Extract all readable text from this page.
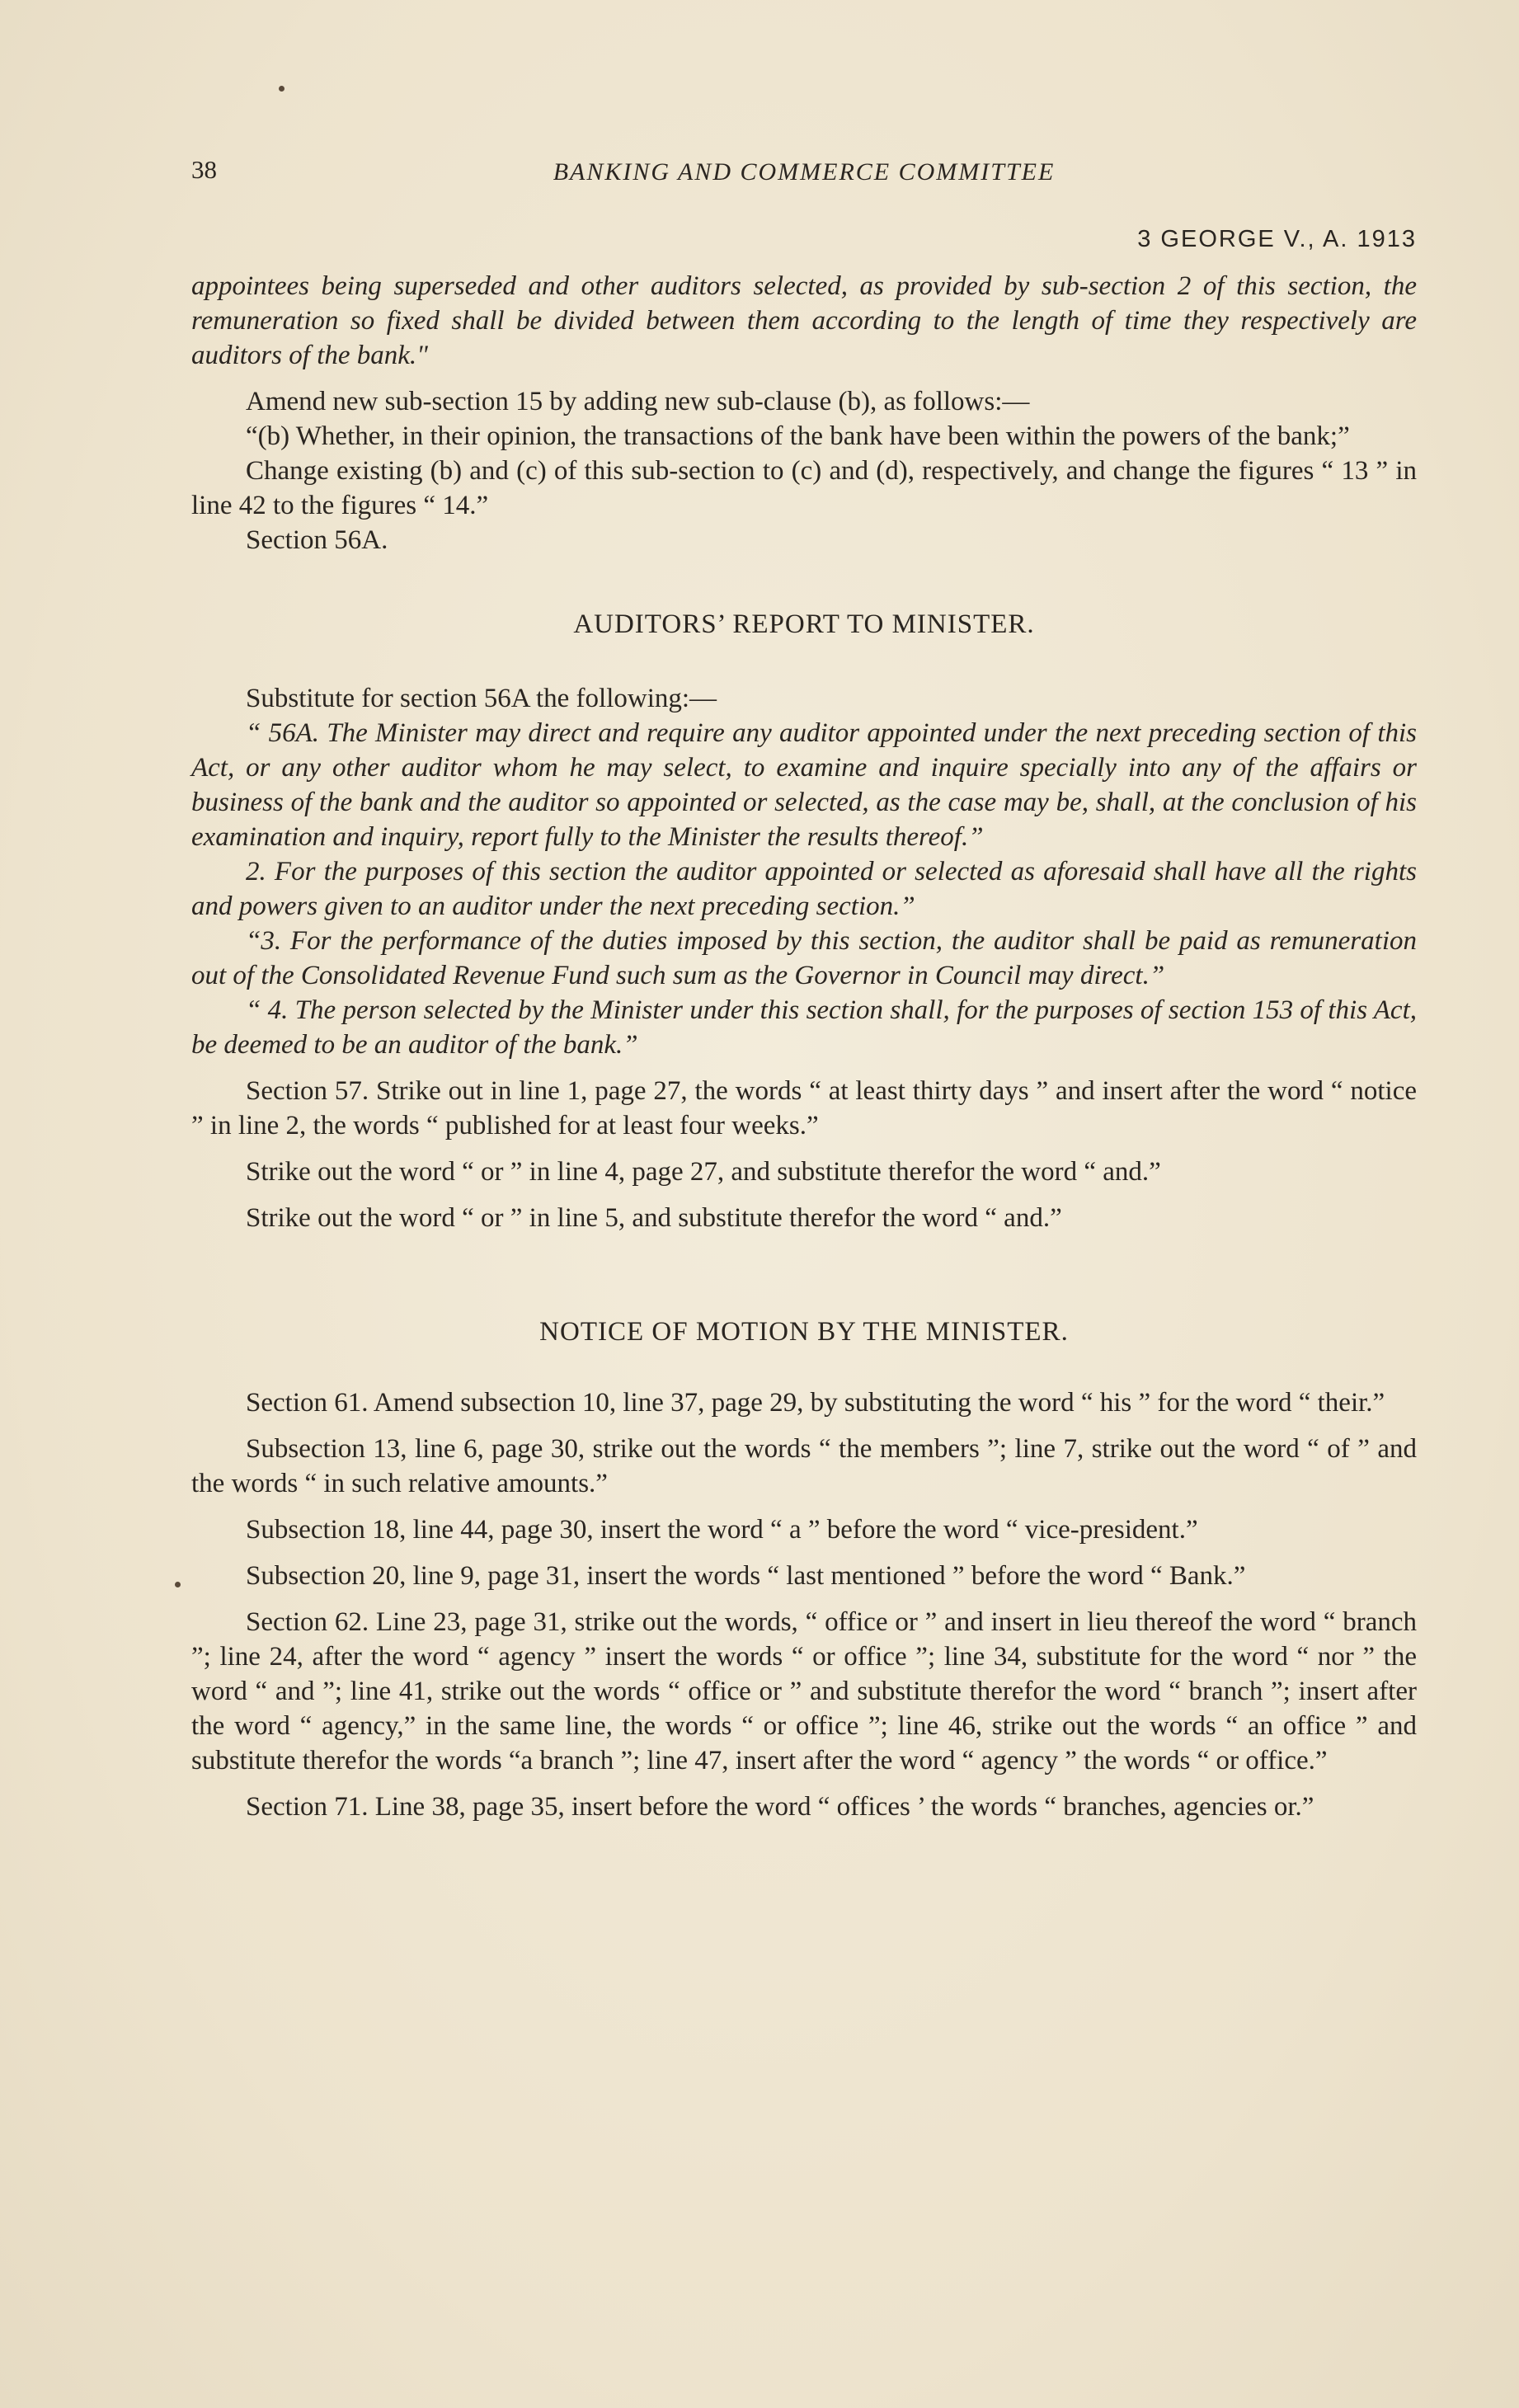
38	BANKING AND COMMERCE COMMITTEE
3 GEORGE V., A. 1913

appointees being superseded and other auditors selected, as provided by sub-section 2 of this section, the remuneration so fixed shall be divided between them according to the length of time they respectively are auditors of the bank."

Amend new sub-section 15 by adding new sub-clause (b), as follows:—

“(b) Whether, in their opinion, the transactions of the bank have been within the powers of the bank;”

Change existing (b) and (c) of this sub-section to (c) and (d), respectively, and change the figures “ 13 ” in line 42 to the figures “ 14.”

Section 56A.

AUDITORS’ REPORT TO MINISTER.

Substitute for section 56A the following:—

“ 56A. The Minister may direct and require any auditor appointed under the next preceding section of this Act, or any other auditor whom he may select, to examine and inquire specially into any of the affairs or business of the bank and the auditor so appointed or selected, as the case may be, shall, at the conclusion of his examination and inquiry, report fully to the Minister the results thereof.”

2. For the purposes of this section the auditor appointed or selected as aforesaid shall have all the rights and powers given to an auditor under the next preceding section.”

“3. For the performance of the duties imposed by this section, the auditor shall be paid as remuneration out of the Consolidated Revenue Fund such sum as the Governor in Council may direct.”

“ 4. The person selected by the Minister under this section shall, for the purposes of section 153 of this Act, be deemed to be an auditor of the bank.”

Section 57. Strike out in line 1, page 27, the words “ at least thirty days ” and insert after the word “ notice ” in line 2, the words “ published for at least four weeks.”

Strike out the word “ or ” in line 4, page 27, and substitute therefor the word “ and.”

Strike out the word “ or ” in line 5, and substitute therefor the word “ and.”

NOTICE OF MOTION BY THE MINISTER.

Section 61. Amend subsection 10, line 37, page 29, by substituting the word “ his ” for the word “ their.”

Subsection 13, line 6, page 30, strike out the words “ the members ”; line 7, strike out the word “ of ” and the words “ in such relative amounts.”

Subsection 18, line 44, page 30, insert the word “ a ” before the word “ vice-president.”

Subsection 20, line 9, page 31, insert the words “ last mentioned ” before the word “ Bank.”

Section 62. Line 23, page 31, strike out the words, “ office or ” and insert in lieu thereof the word “ branch ”; line 24, after the word “ agency ” insert the words “ or office ”; line 34, substitute for the word “ nor ” the word “ and ”; line 41, strike out the words “ office or ” and substitute therefor the word “ branch ”; insert after the word “ agency,” in the same line, the words “ or office ”; line 46, strike out the words “ an office ” and substitute therefor the words “a branch ”; line 47, insert after the word “ agency ” the words “ or office.”

Section 71. Line 38, page 35, insert before the word “ offices ’ the words “ branches, agencies or.”
